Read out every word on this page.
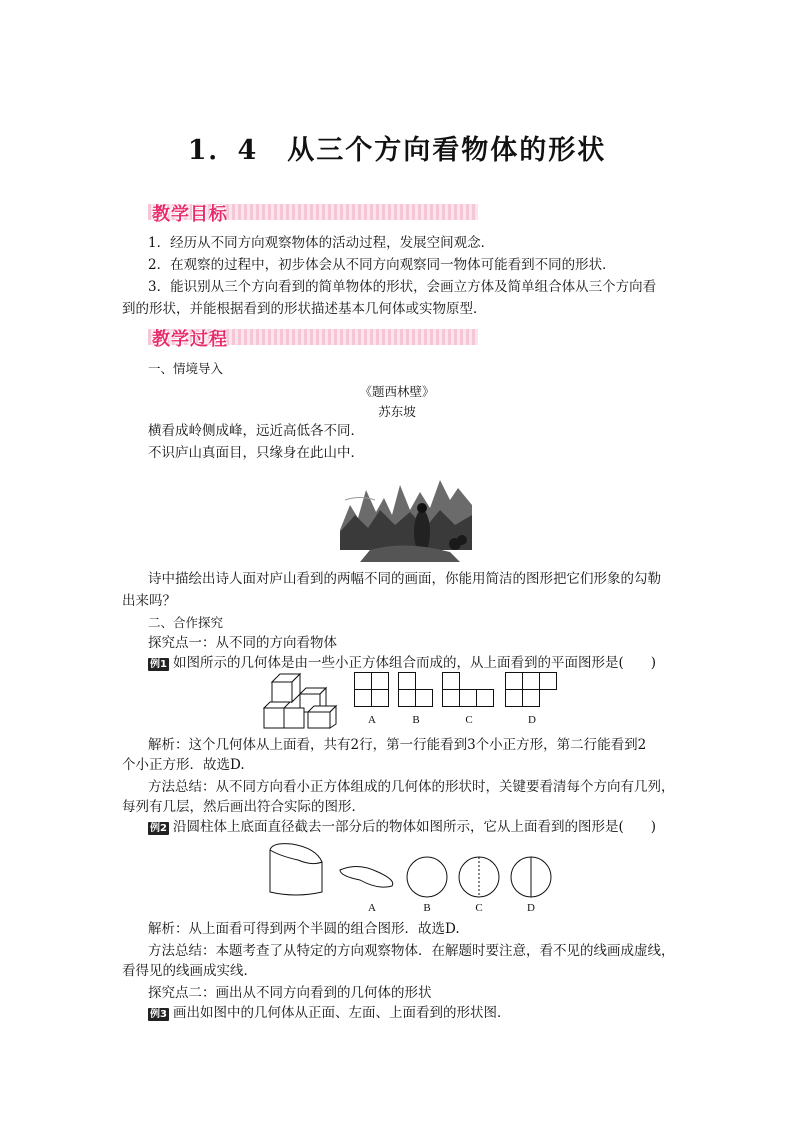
1．4　从三个方向看物体的形状
教学目标
1．经历从不同方向观察物体的活动过程，发展空间观念．
2．在观察的过程中，初步体会从不同方向观察同一物体可能看到不同的形状．
3．能识别从三个方向看到的简单物体的形状，会画立方体及简单组合体从三个方向看
到的形状，并能根据看到的形状描述基本几何体或实物原型．
教学过程
一、情境导入
《题西林壁》
苏东坡
横看成岭侧成峰，远近高低各不同．
不识庐山真面目，只缘身在此山中．
诗中描绘出诗人面对庐山看到的两幅不同的画面，你能用简洁的图形把它们形象的勾勒
出来吗？
二、合作探究
探究点一：从不同的方向看物体
例1 如图所示的几何体是由一些小正方体组合而成的，从上面看到的平面图形是(　　)
A	B	C	D
解析：这个几何体从上面看，共有2行，第一行能看到3个小正方形，第二行能看到2
个小正方形．故选D.
方法总结：从不同方向看小正方体组成的几何体的形状时，关键要看清每个方向有几列，
每列有几层，然后画出符合实际的图形．
例2 沿圆柱体上底面直径截去一部分后的物体如图所示，它从上面看到的图形是(　　)
A	B	C	D
解析：从上面看可得到两个半圆的组合图形．故选D.
方法总结：本题考查了从特定的方向观察物体．在解题时要注意，看不见的线画成虚线，
看得见的线画成实线．
探究点二：画出从不同方向看到的几何体的形状
例3 画出如图中的几何体从正面、左面、上面看到的形状图．
